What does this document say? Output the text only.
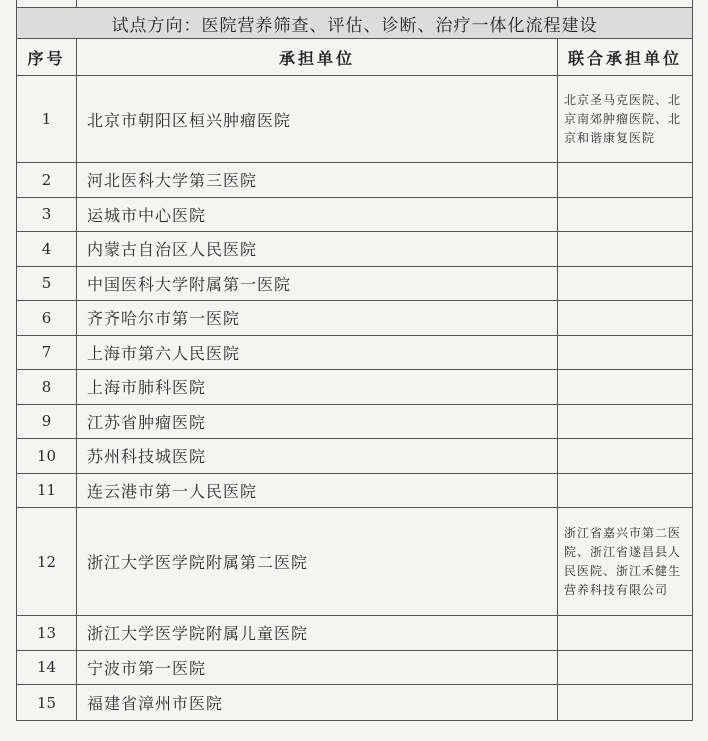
试点方向：医院营养筛查、评估、诊断、治疗一体化流程建设		
序号	承担单位	联合承担单位
1	北京市朝阳区桓兴肿瘤医院	北京圣马克医院、北京南郊肿瘤医院、北京和谐康复医院
2	河北医科大学第三医院	
3	运城市中心医院	
4	内蒙古自治区人民医院	
5	中国医科大学附属第一医院	
6	齐齐哈尔市第一医院	
7	上海市第六人民医院	
8	上海市肺科医院	
9	江苏省肿瘤医院	
10	苏州科技城医院	
11	连云港市第一人民医院	
12	浙江大学医学院附属第二医院	浙江省嘉兴市第二医院、浙江省遂昌县人民医院、浙江禾健生营养科技有限公司
13	浙江大学医学院附属儿童医院	
14	宁波市第一医院	
15	福建省漳州市医院	
